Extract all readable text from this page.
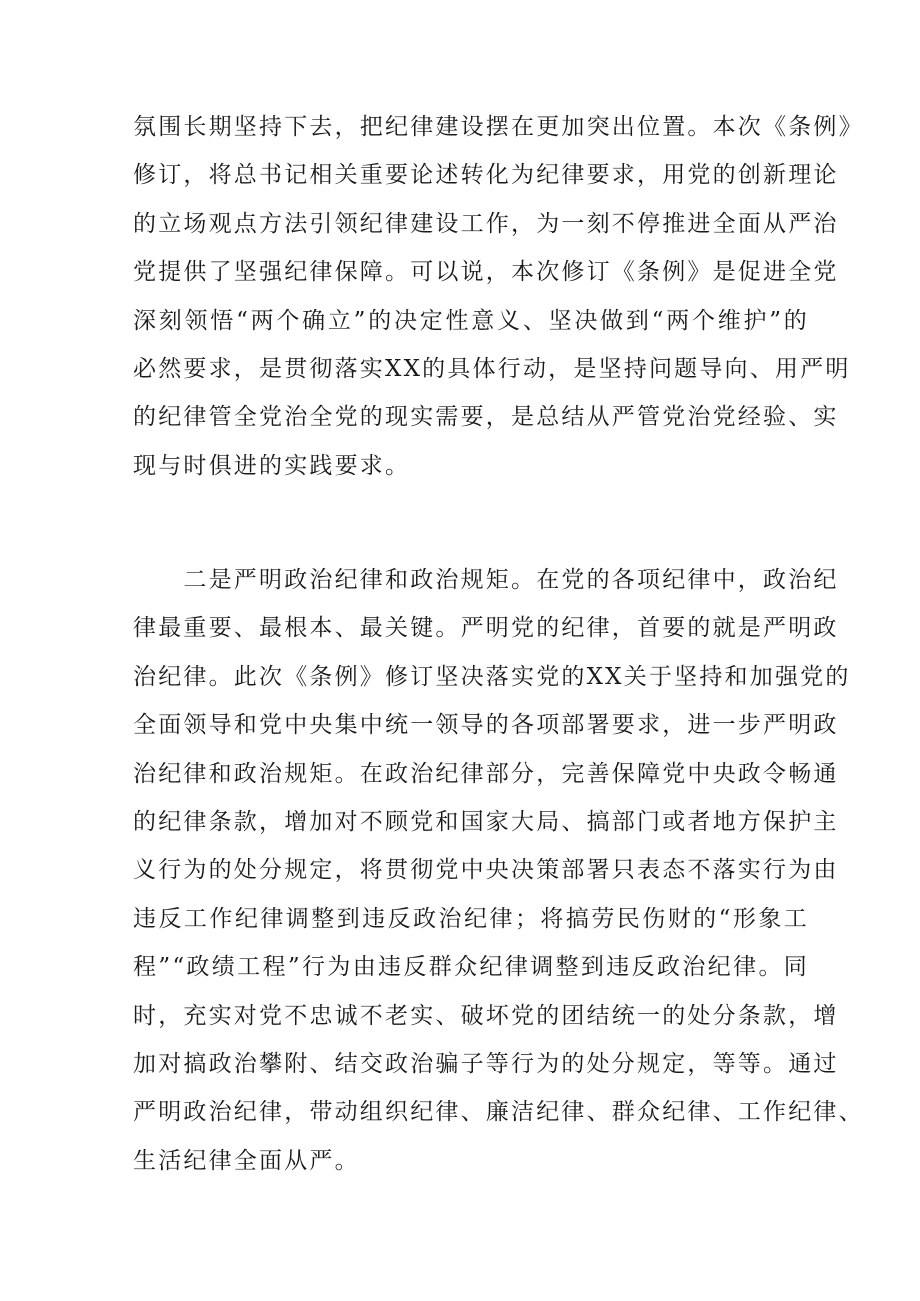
氛围长期坚持下去，把纪律建设摆在更加突出位置。本次《条例》
修订，将总书记相关重要论述转化为纪律要求，用党的创新理论
的立场观点方法引领纪律建设工作，为一刻不停推进全面从严治
党提供了坚强纪律保障。可以说，本次修订《条例》是促进全党
深刻领悟“两个确立”的决定性意义、坚决做到“两个维护”的
必然要求，是贯彻落实XX的具体行动，是坚持问题导向、用严明
的纪律管全党治全党的现实需要，是总结从严管党治党经验、实
现与时俱进的实践要求。

　　二是严明政治纪律和政治规矩。在党的各项纪律中，政治纪
律最重要、最根本、最关键。严明党的纪律，首要的就是严明政
治纪律。此次《条例》修订坚决落实党的XX关于坚持和加强党的
全面领导和党中央集中统一领导的各项部署要求，进一步严明政
治纪律和政治规矩。在政治纪律部分，完善保障党中央政令畅通
的纪律条款，增加对不顾党和国家大局、搞部门或者地方保护主
义行为的处分规定，将贯彻党中央决策部署只表态不落实行为由
违反工作纪律调整到违反政治纪律；将搞劳民伤财的“形象工
程”“政绩工程”行为由违反群众纪律调整到违反政治纪律。同
时，充实对党不忠诚不老实、破坏党的团结统一的处分条款，增
加对搞政治攀附、结交政治骗子等行为的处分规定，等等。通过
严明政治纪律，带动组织纪律、廉洁纪律、群众纪律、工作纪律、
生活纪律全面从严。
